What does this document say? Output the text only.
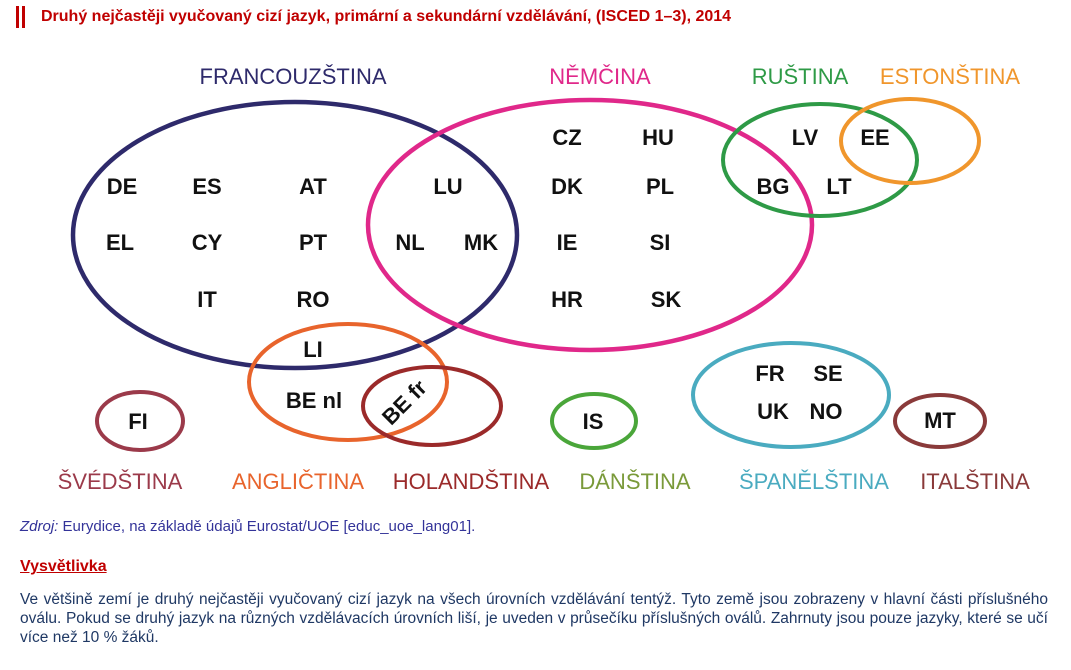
Druhý nejčastěji vyučovaný cizí jazyk, primární a sekundární vzdělávání, (ISCED 1–3), 2014
FRANCOUZŠTINA	NĚMČINA	RUŠTINA ESTONŠTINA
ŠVÉDŠTINA ANGLIČTINA HOLANDŠTINA DÁNŠTINA ŠPANĚLŠTINA ITALŠTINA
DE	ES	AT
EL	CY	PT
IT	RO
LU
NL MK
CZ	HU
DK	PL
IE	SI
HR	SK
LV
BG LT
EE
LI
BE nl BE fr
FI	IS
FR SE
UK NO	MT
Zdroj: Eurydice, na základě údajů Eurostat/UOE [educ_uoe_lang01].
Vysvětlivka
Ve většině zemí je druhý nejčastěji vyučovaný cizí jazyk na všech úrovních vzdělávání tentýž. Tyto země jsou zobrazeny v hlavní části příslušného oválu. Pokud se druhý jazyk na různých vzdělávacích úrovních liší, je uveden v průsečíku příslušných oválů. Zahrnuty jsou pouze jazyky, které se učí více než 10 % žáků.
